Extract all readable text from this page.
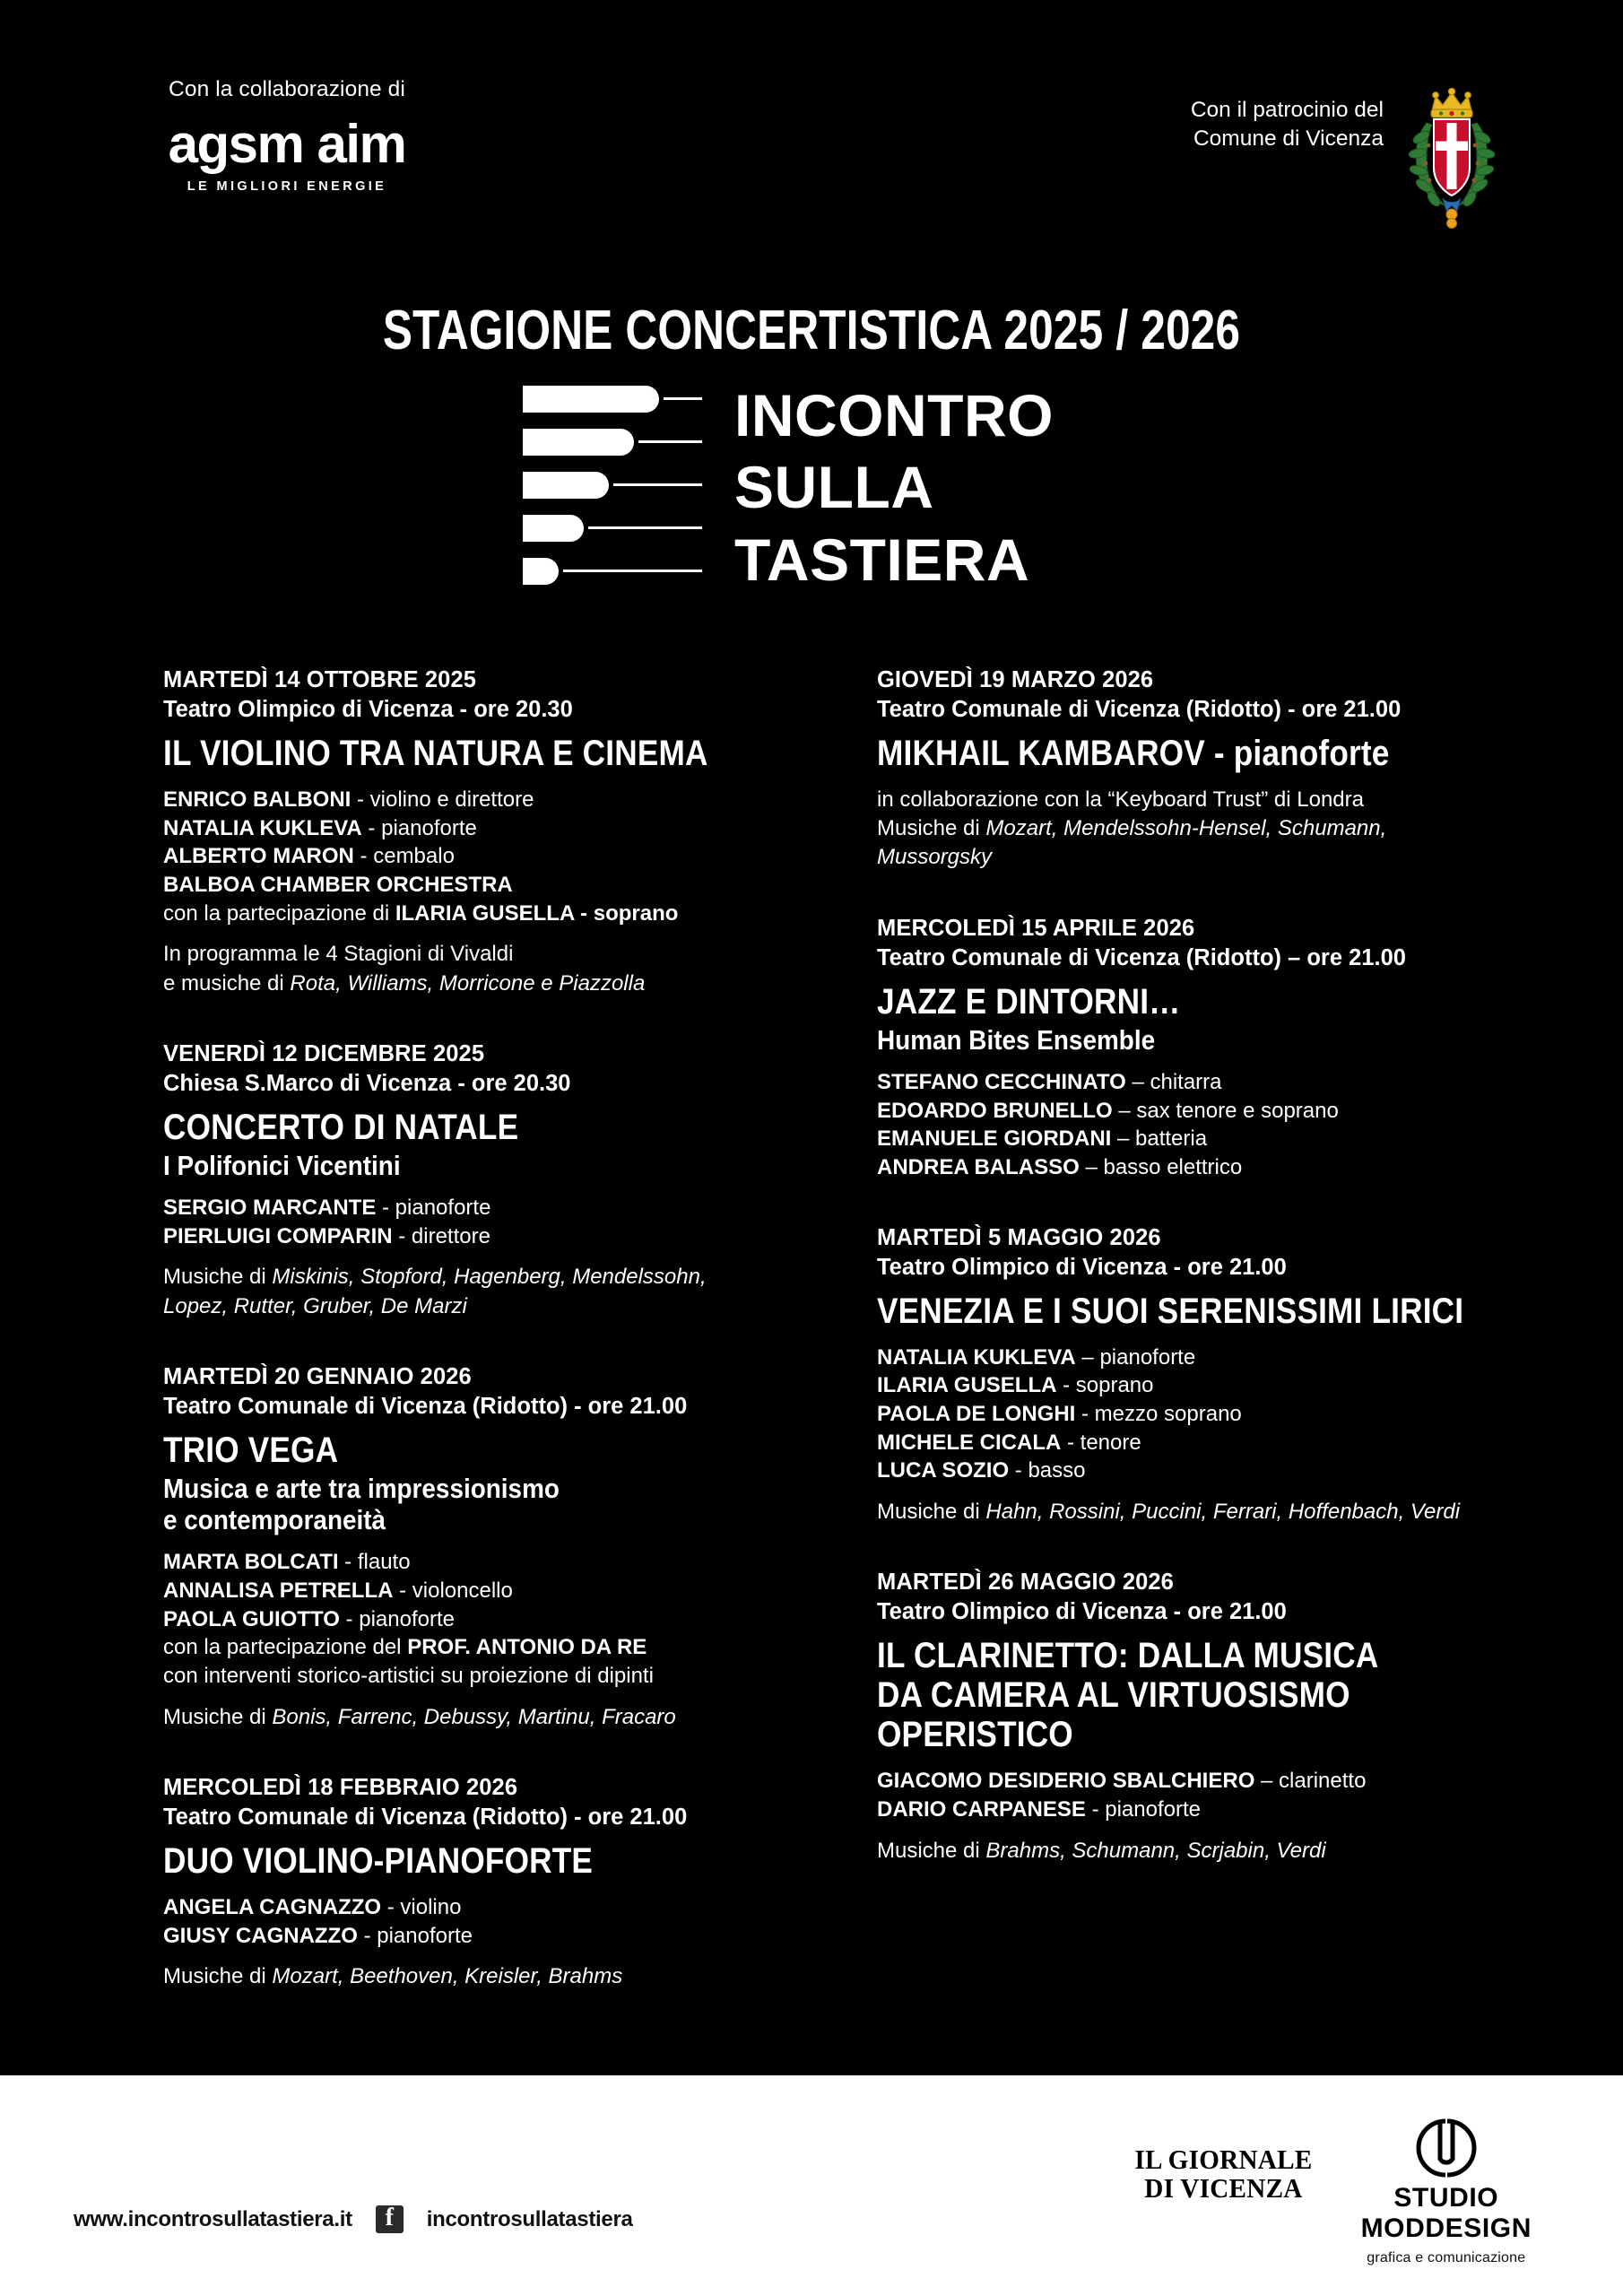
Con la collaborazione di
agsm aim
LE MIGLIORI ENERGIE
Con il patrocinio del
Comune di Vicenza
STAGIONE CONCERTISTICA 2025 / 2026
INCONTRO
SULLA
TASTIERA
MARTEDÌ 14 OTTOBRE 2025
Teatro Olimpico di Vicenza - ore 20.30
IL VIOLINO TRA NATURA E CINEMA
ENRICO BALBONI - violino e direttore
NATALIA KUKLEVA - pianoforte
ALBERTO MARON - cembalo
BALBOA CHAMBER ORCHESTRA
con la partecipazione di ILARIA GUSELLA - soprano
In programma le 4 Stagioni di Vivaldi
e musiche di Rota, Williams, Morricone e Piazzolla
VENERDÌ 12 DICEMBRE 2025
Chiesa S.Marco di Vicenza - ore 20.30
CONCERTO DI NATALE
I Polifonici Vicentini
SERGIO MARCANTE - pianoforte
PIERLUIGI COMPARIN - direttore
Musiche di Miskinis, Stopford, Hagenberg, Mendelssohn,
Lopez, Rutter, Gruber, De Marzi
MARTEDÌ 20 GENNAIO 2026
Teatro Comunale di Vicenza (Ridotto) - ore 21.00
TRIO VEGA
Musica e arte tra impressionismo
e contemporaneità
MARTA BOLCATI - flauto
ANNALISA PETRELLA - violoncello
PAOLA GUIOTTO - pianoforte
con la partecipazione del PROF. ANTONIO DA RE
con interventi storico-artistici su proiezione di dipinti
Musiche di Bonis, Farrenc, Debussy, Martinu, Fracaro
MERCOLEDÌ 18 FEBBRAIO 2026
Teatro Comunale di Vicenza (Ridotto) - ore 21.00
DUO VIOLINO-PIANOFORTE
ANGELA CAGNAZZO - violino
GIUSY CAGNAZZO - pianoforte
Musiche di Mozart, Beethoven, Kreisler, Brahms
GIOVEDÌ 19 MARZO 2026
Teatro Comunale di Vicenza (Ridotto) - ore 21.00
MIKHAIL KAMBAROV - pianoforte
in collaborazione con la “Keyboard Trust” di Londra
Musiche di Mozart, Mendelssohn-Hensel, Schumann,
Mussorgsky
MERCOLEDÌ 15 APRILE 2026
Teatro Comunale di Vicenza (Ridotto) – ore 21.00
JAZZ E DINTORNI…
Human Bites Ensemble
STEFANO CECCHINATO – chitarra
EDOARDO BRUNELLO – sax tenore e soprano
EMANUELE GIORDANI – batteria
ANDREA BALASSO – basso elettrico
MARTEDÌ 5 MAGGIO 2026
Teatro Olimpico di Vicenza - ore 21.00
VENEZIA E I SUOI SERENISSIMI LIRICI
NATALIA KUKLEVA – pianoforte
ILARIA GUSELLA - soprano
PAOLA DE LONGHI - mezzo soprano
MICHELE CICALA - tenore
LUCA SOZIO - basso
Musiche di Hahn, Rossini, Puccini, Ferrari, Hoffenbach, Verdi
MARTEDÌ 26 MAGGIO 2026
Teatro Olimpico di Vicenza - ore 21.00
IL CLARINETTO: DALLA MUSICA
DA CAMERA AL VIRTUOSISMO
OPERISTICO
GIACOMO DESIDERIO SBALCHIERO – clarinetto
DARIO CARPANESE - pianoforte
Musiche di Brahms, Schumann, Scrjabin, Verdi
www.incontrosullatastiera.it f	incontrosullatastiera
IL GIORNALE
DI VICENZA	STUDIO
MODDESIGN
grafica e comunicazione
